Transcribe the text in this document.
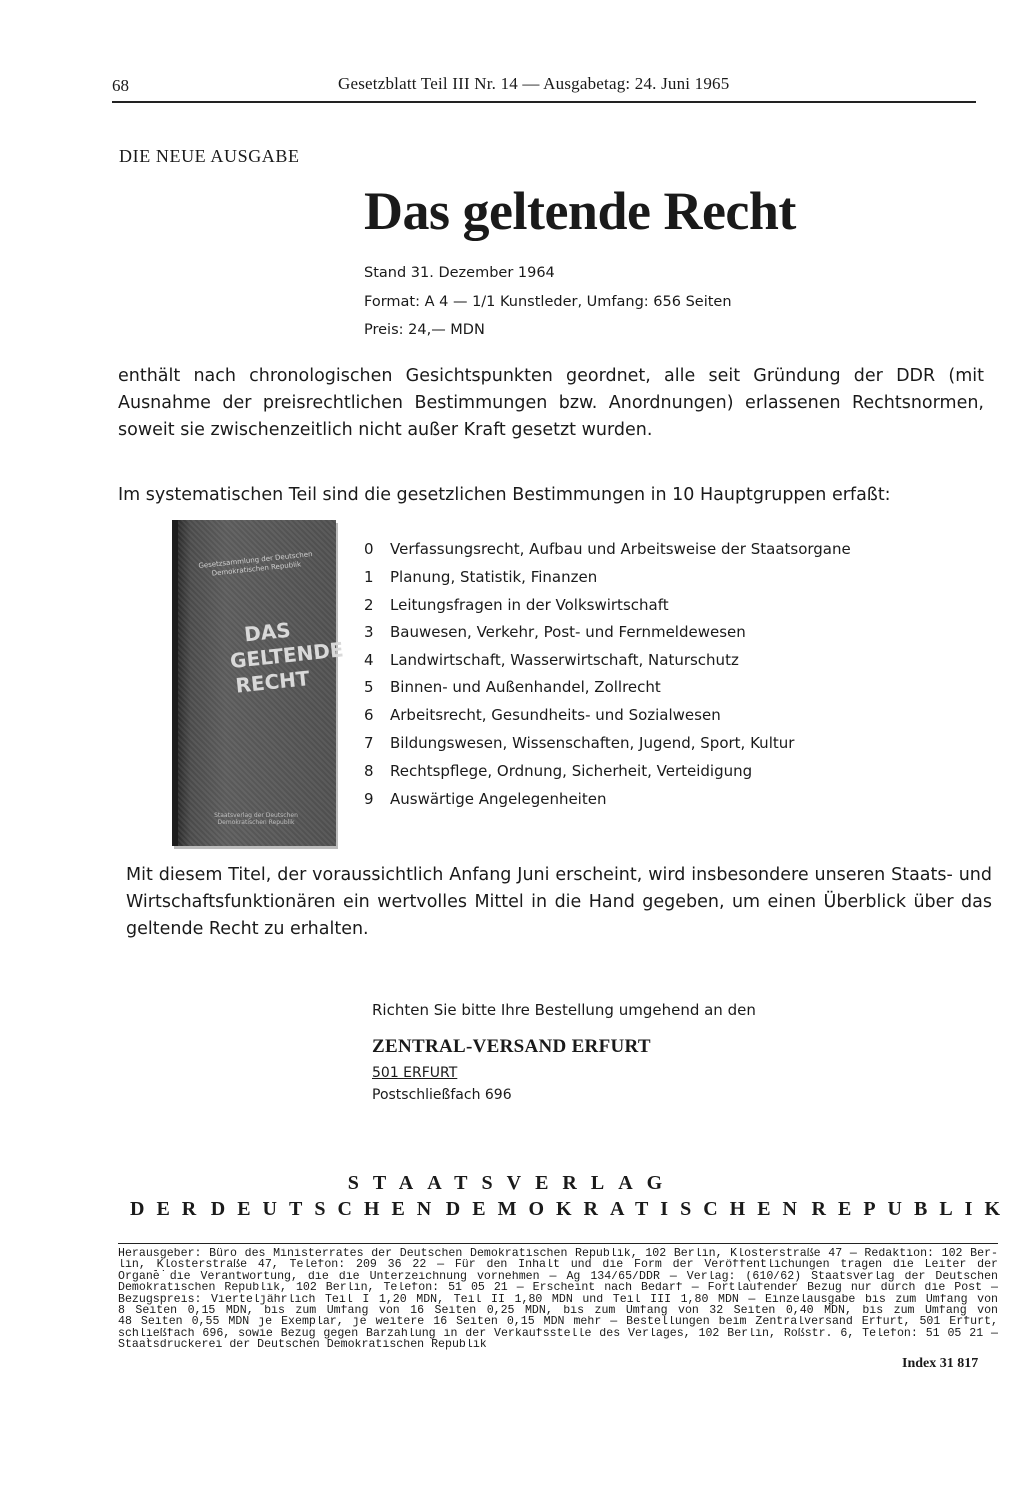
68	Gesetzblatt Teil III Nr. 14 — Ausgabetag: 24. Juni 1965
DIE NEUE AUSGABE
Das geltende Recht
Stand 31. Dezember 1964
Format: A 4 — 1/1 Kunstleder, Umfang: 656 Seiten
Preis: 24,— MDN
enthält nach chronologischen Gesichtspunkten geordnet, alle seit Gründung der DDR (mit Ausnahme der preisrechtlichen Bestimmungen bzw. Anordnungen) erlassenen Rechtsnormen, soweit sie zwischenzeitlich nicht außer Kraft gesetzt wurden.
Im systematischen Teil sind die gesetzlichen Bestimmungen in 10 Hauptgruppen erfaßt:
Gesetzsammlung der Deutschen Demokratischen Republik
DAS GELTENDE RECHT
Staatsverlag der Deutschen Demokratischen Republik
0 Verfassungsrecht, Aufbau und Arbeitsweise der Staatsorgane
1 Planung, Statistik, Finanzen
2 Leitungsfragen in der Volkswirtschaft
3 Bauwesen, Verkehr, Post- und Fernmeldewesen
4 Landwirtschaft, Wasserwirtschaft, Naturschutz
5 Binnen- und Außenhandel, Zollrecht
6 Arbeitsrecht, Gesundheits- und Sozialwesen
7 Bildungswesen, Wissenschaften, Jugend, Sport, Kultur
8 Rechtspflege, Ordnung, Sicherheit, Verteidigung
9 Auswärtige Angelegenheiten
Mit diesem Titel, der voraussichtlich Anfang Juni erscheint, wird insbesondere unseren Staats- und Wirtschaftsfunktionären ein wertvolles Mittel in die Hand gegeben, um einen Überblick über das geltende Recht zu erhalten.
Richten Sie bitte Ihre Bestellung umgehend an den
ZENTRAL-VERSAND ERFURT
501 ERFURT
Postschließfach 696
STAATSVERLAG
DER DEUTSCHEN DEMOKRATISCHEN REPUBLIK
Herausgeber: Büro des Ministerrates der Deutschen Demokratischen Republik, 102 Berlin, Klosterstraße 47 — Redaktion: 102 Ber-
lin, Klosterstraße 47, Telefon: 209 36 22 — Für den Inhalt und die Form der Veröffentlichungen tragen die Leiter der
Organe die Verantwortung, die die Unterzeichnung vornehmen — Ag 134/65/DDR — Verlag: (610/62) Staatsverlag der Deutschen
Demokratischen Republik, 102 Berlin, Telefon: 51 05 21 — Erscheint nach Bedarf — Fortlaufender Bezug nur durch die Post —
Bezugspreis: Vierteljährlich Teil I 1,20 MDN, Teil II 1,80 MDN und Teil III 1,80 MDN — Einzelausgabe bis zum Umfang von
8 Seiten 0,15 MDN, bis zum Umfang von 16 Seiten 0,25 MDN, bis zum Umfang von 32 Seiten 0,40 MDN, bis zum Umfang von
48 Seiten 0,55 MDN je Exemplar, je weitere 16 Seiten 0,15 MDN mehr — Bestellungen beim Zentralversand Erfurt, 501 Erfurt,
schließfach 696, sowie Bezug gegen Barzahlung in der Verkaufsstelle des Verlages, 102 Berlin, Roßstr. 6, Telefon: 51 05 21 —
Staatsdruckerei der Deutschen Demokratischen Republik
Index 31 817
